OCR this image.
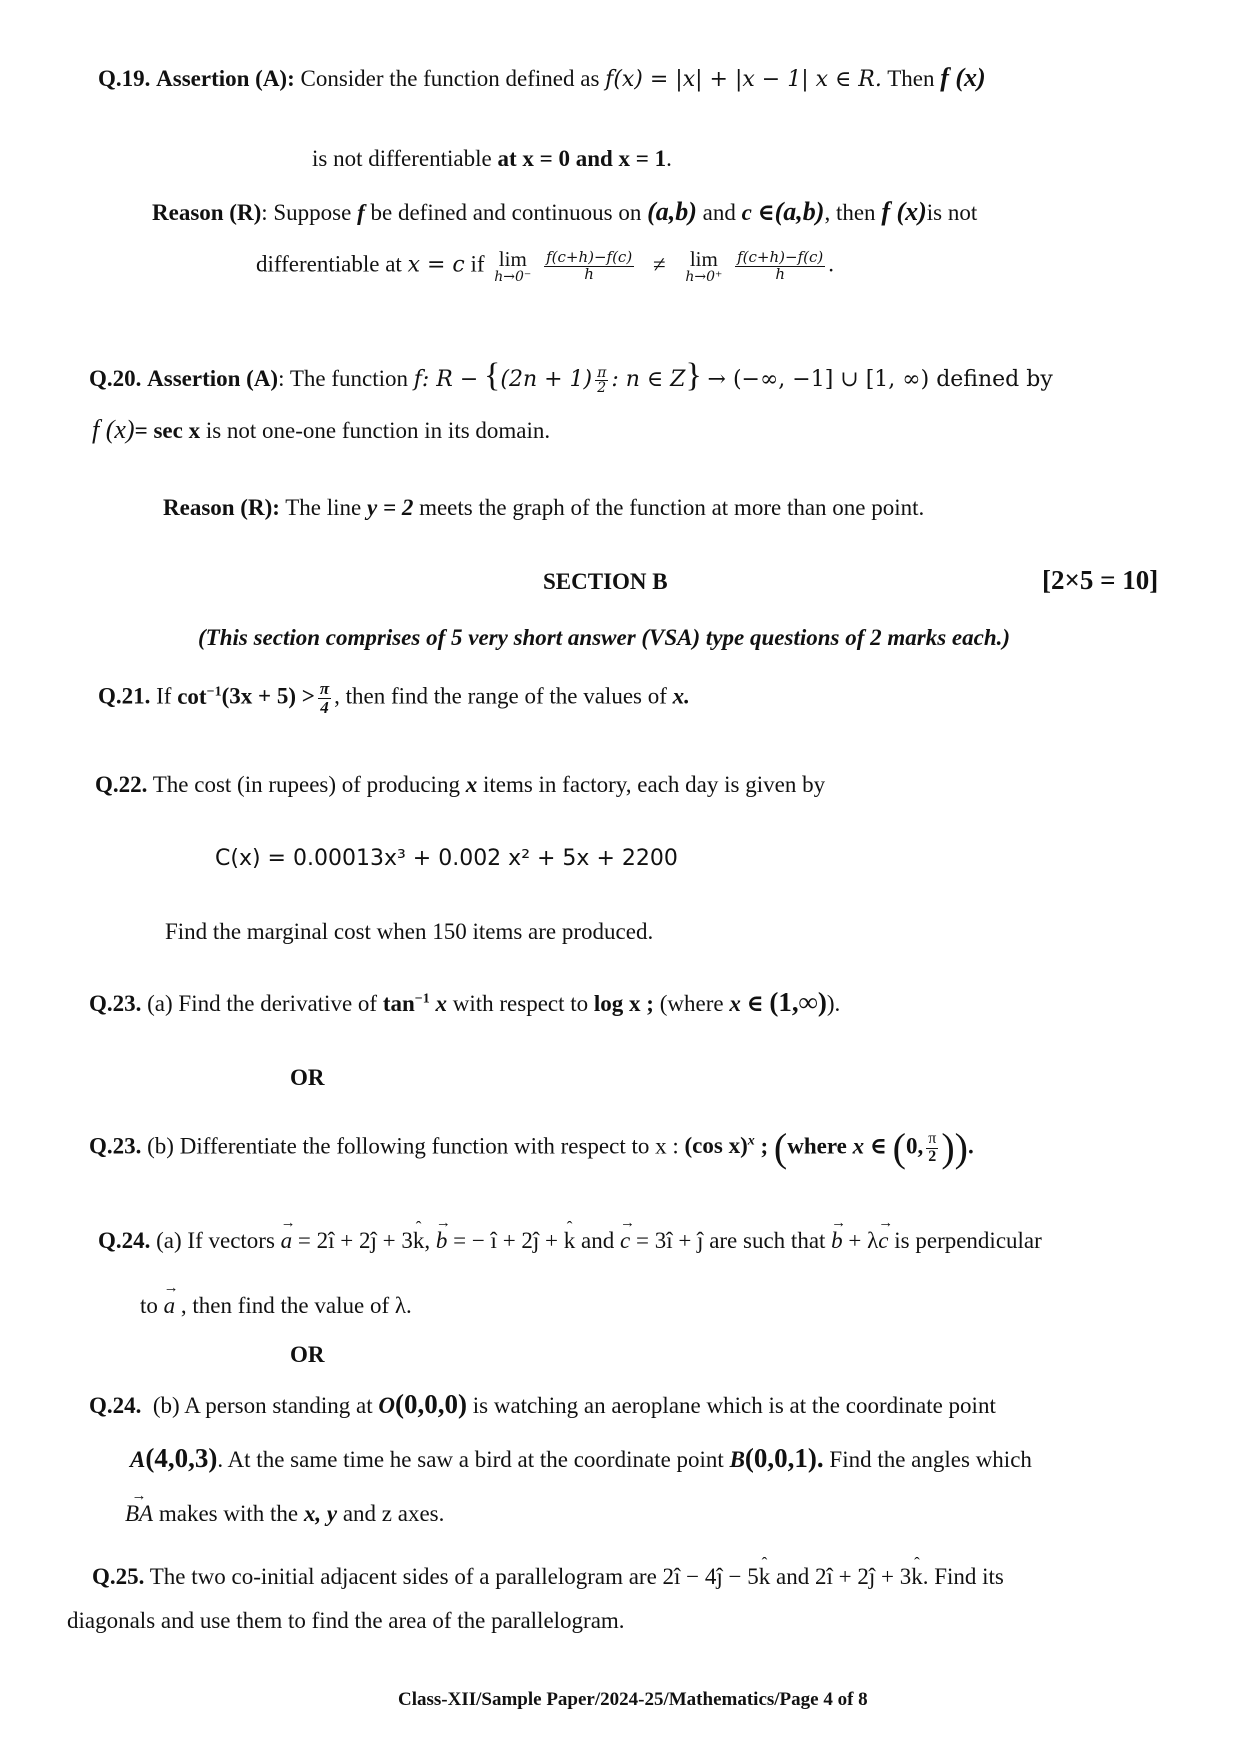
Q.19. Assertion (A): Consider the function defined as f(x) = |x| + |x − 1| x ∈ R. Then f (x)
is not differentiable at x = 0 and x = 1.
Reason (R): Suppose f be defined and continuous on (a,b) and c ∈(a,b), then f (x)is not
differentiable at x = c if lim
h→0⁻
$\frac{f(c+h)-f(c)}{h} \ne \lim$
h→0⁺
$\frac{f(c+h)-f(c)}{h}$ .
Q.20. Assertion (A): The function f: $R - \{(2n + 1) \frac{\pi}{2}$ : n ∈ Z} → (−∞, −1] ∪ [1, ∞) defined by
f (x)= sec x is not one-one function in its domain.
Reason (R): The line y = 2 meets the graph of the function at more than one point.
SECTION B	[2×5 = 10]
(This section comprises of 5 very short answer (VSA) type questions of 2 marks each.)
Q.21. If $\cot^{-1}(3x + 5) > \frac{\pi}{4}$ , then find the range of the values of x.
Q.22. The cost (in rupees) of producing x items in factory, each day is given by
C(x) = 0.00013x³ + 0.002 x² + 5x + 2200
Find the marginal cost when 150 items are produced.
Q.23. (a) Find the derivative of $\tan^{-1} x$ with respect to log x ; (where x ∈ (1,∞)).
OR
Q.23. (b) Differentiate the following function with respect to x : (cos x)$^x$ ; (where x ∈ (0, $\frac{\pi}{2}$ )).
Q.24. (a) If vectors → a = 2î + 2ĵ + 3ˆ k, → b = − î + 2ĵ + ˆ k and → c = 3î + ĵ are such that → b + λ→ c is perpendicular
to → a , then find the value of λ.
OR
Q.24. (b) A person standing at O(0,0,0) is watching an aeroplane which is at the coordinate point
A(4,0,3). At the same time he saw a bird at the coordinate point B(0,0,1). Find the angles which
→ BA makes with the x, y and z axes.
Q.25. The two co-initial adjacent sides of a parallelogram are 2î − 4ĵ − 5ˆ k and 2î + 2ĵ + 3ˆ k. Find its
diagonals and use them to find the area of the parallelogram.
Class-XII/Sample Paper/2024-25/Mathematics/Page 4 of 8
